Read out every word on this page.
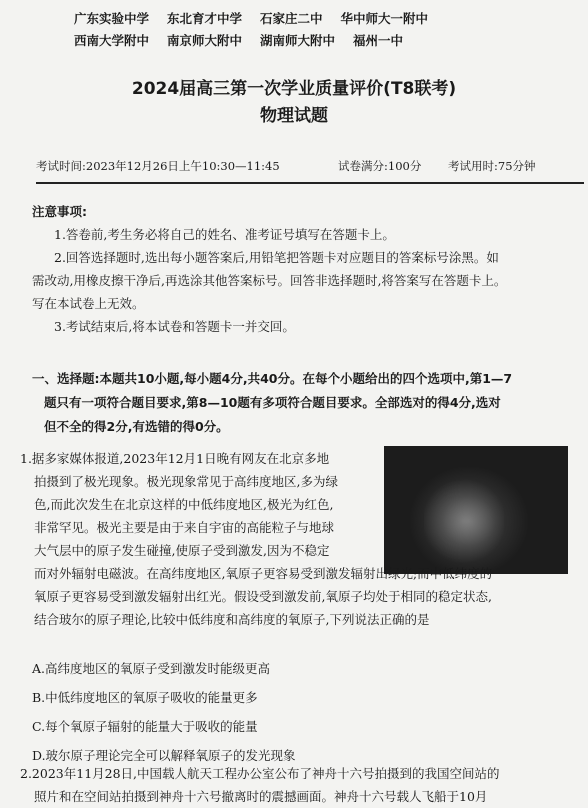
广东实验中学 东北育才中学 石家庄二中 华中师大一附中
西南大学附中 南京师大附中 湖南师大附中 福州一中
2024届高三第一次学业质量评价(T8联考)
物理试题
考试时间:2023年12月26日上午10:30—11:45	试卷满分:100分 考试用时:75分钟
注意事项:

1.答卷前,考生务必将自己的姓名、准考证号填写在答题卡上。

2.回答选择题时,选出每小题答案后,用铅笔把答题卡对应题目的答案标号涂黑。如

需改动,用橡皮擦干净后,再选涂其他答案标号。回答非选择题时,将答案写在答题卡上。
写在本试卷上无效。

3.考试结束后,将本试卷和答题卡一并交回。

一、选择题:本题共10小题,每小题4分,共40分。在每个小题给出的四个选项中,第1—7

题只有一项符合题目要求,第8—10题有多项符合题目要求。全部选对的得4分,选对

但不全的得2分,有选错的得0分。

1.据多家媒体报道,2023年12月1日晚有网友在北京多地

拍摄到了极光现象。极光现象常见于高纬度地区,多为绿

色,而此次发生在北京这样的中低纬度地区,极光为红色,

非常罕见。极光主要是由于来自宇宙的高能粒子与地球

大气层中的原子发生碰撞,使原子受到激发,因为不稳定

而对外辐射电磁波。在高纬度地区,氧原子更容易受到激发辐射出绿光;而中低纬度的

氧原子更容易受到激发辐射出红光。假设受到激发前,氧原子均处于相同的稳定状态,

结合玻尔的原子理论,比较中低纬度和高纬度的氧原子,下列说法正确的是

A.高纬度地区的氧原子受到激发时能级更高

B.中低纬度地区的氧原子吸收的能量更多

C.每个氧原子辐射的能量大于吸收的能量

D.玻尔原子理论完全可以解释氧原子的发光现象

2.2023年11月28日,中国载人航天工程办公室公布了神舟十六号拍摄到的我国空间站的

照片和在空间站拍摄到神舟十六号撤离时的震撼画面。神舟十六号载人飞船于10月
